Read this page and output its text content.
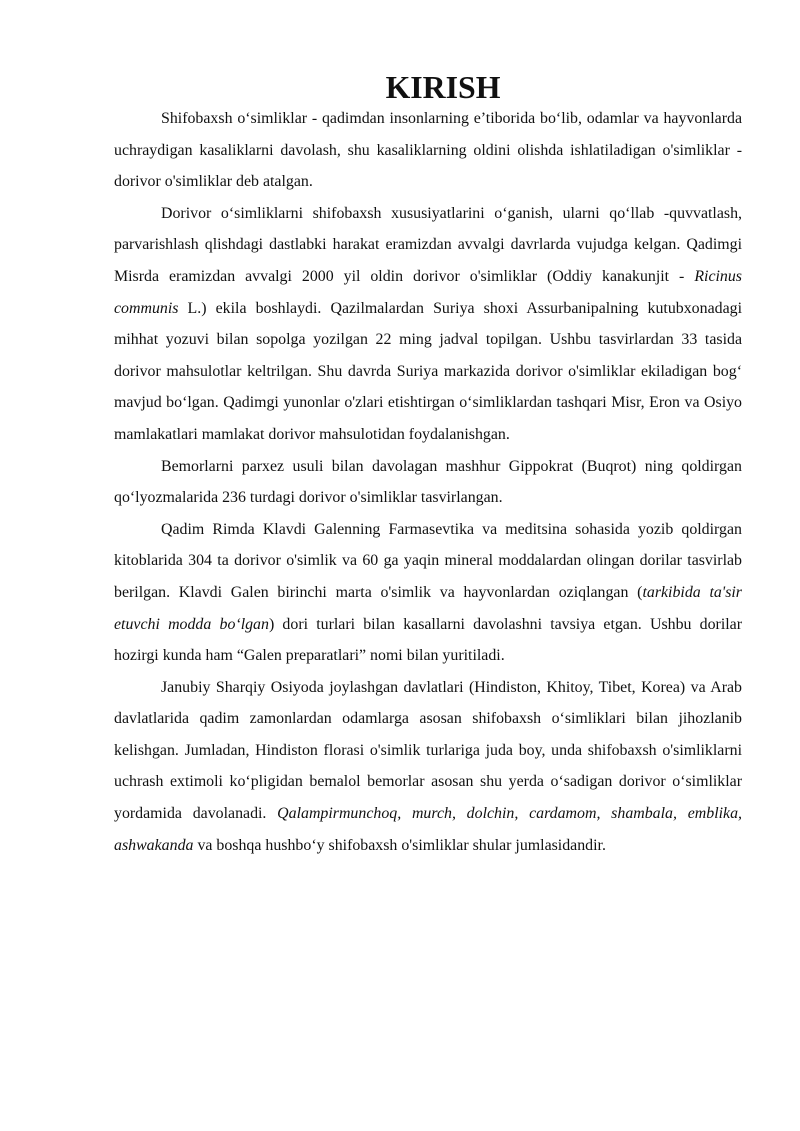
KIRISH

Shifobaxsh o‘simliklar - qadimdan insonlarning e’tiborida bo‘lib, odamlar va hayvonlarda uchraydigan kasaliklarni davolash, shu kasaliklarning oldini olishda ishlatiladigan o'simliklar - dorivor o'simliklar deb atalgan.

Dorivor o‘simliklarni shifobaxsh xususiyatlarini o‘ganish, ularni qo‘llab -quvvatlash, parvarishlash qlishdagi dastlabki harakat eramizdan avvalgi davrlarda vujudga kelgan. Qadimgi Misrda eramizdan avvalgi 2000 yil oldin dorivor o'simliklar (Oddiy kanakunjit - Ricinus communis L.) ekila boshlaydi. Qazilmalardan Suriya shoxi Assurbanipalning kutubxonadagi mihhat yozuvi bilan sopolga yozilgan 22 ming jadval topilgan. Ushbu tasvirlardan 33 tasida dorivor mahsulotlar keltrilgan. Shu davrda Suriya markazida dorivor o'simliklar ekiladigan bog‘ mavjud bo‘lgan. Qadimgi yunonlar o'zlari etishtirgan o‘simliklardan tashqari Misr, Eron va Osiyo mamlakatlari mamlakat dorivor mahsulotidan foydalanishgan.

Bemorlarni parxez usuli bilan davolagan mashhur Gippokrat (Buqrot) ning qoldirgan qo‘lyozmalarida 236 turdagi dorivor o'simliklar tasvirlangan.

Qadim Rimda Klavdi Galenning Farmasevtika va meditsina sohasida yozib qoldirgan kitoblarida 304 ta dorivor o'simlik va 60 ga yaqin mineral moddalardan olingan dorilar tasvirlab berilgan. Klavdi Galen birinchi marta o'simlik va hayvonlardan oziqlangan (tarkibida ta'sir etuvchi modda bo‘lgan) dori turlari bilan kasallarni davolashni tavsiya etgan. Ushbu dorilar hozirgi kunda ham “Galen preparatlari” nomi bilan yuritiladi.

Janubiy Sharqiy Osiyoda joylashgan davlatlari (Hindiston, Khitoy, Tibet, Korea) va Arab davlatlarida qadim zamonlardan odamlarga asosan shifobaxsh o‘simliklari bilan jihozlanib kelishgan. Jumladan, Hindiston florasi o'simlik turlariga juda boy, unda shifobaxsh o'simliklarni uchrash extimoli ko‘pligidan bemalol bemorlar asosan shu yerda o‘sadigan dorivor o‘simliklar yordamida davolanadi. Qalampirmunchoq, murch, dolchin, cardamom, shambala, emblika, ashwakanda va boshqa hushbo‘y shifobaxsh o'simliklar shular jumlasidandir.
